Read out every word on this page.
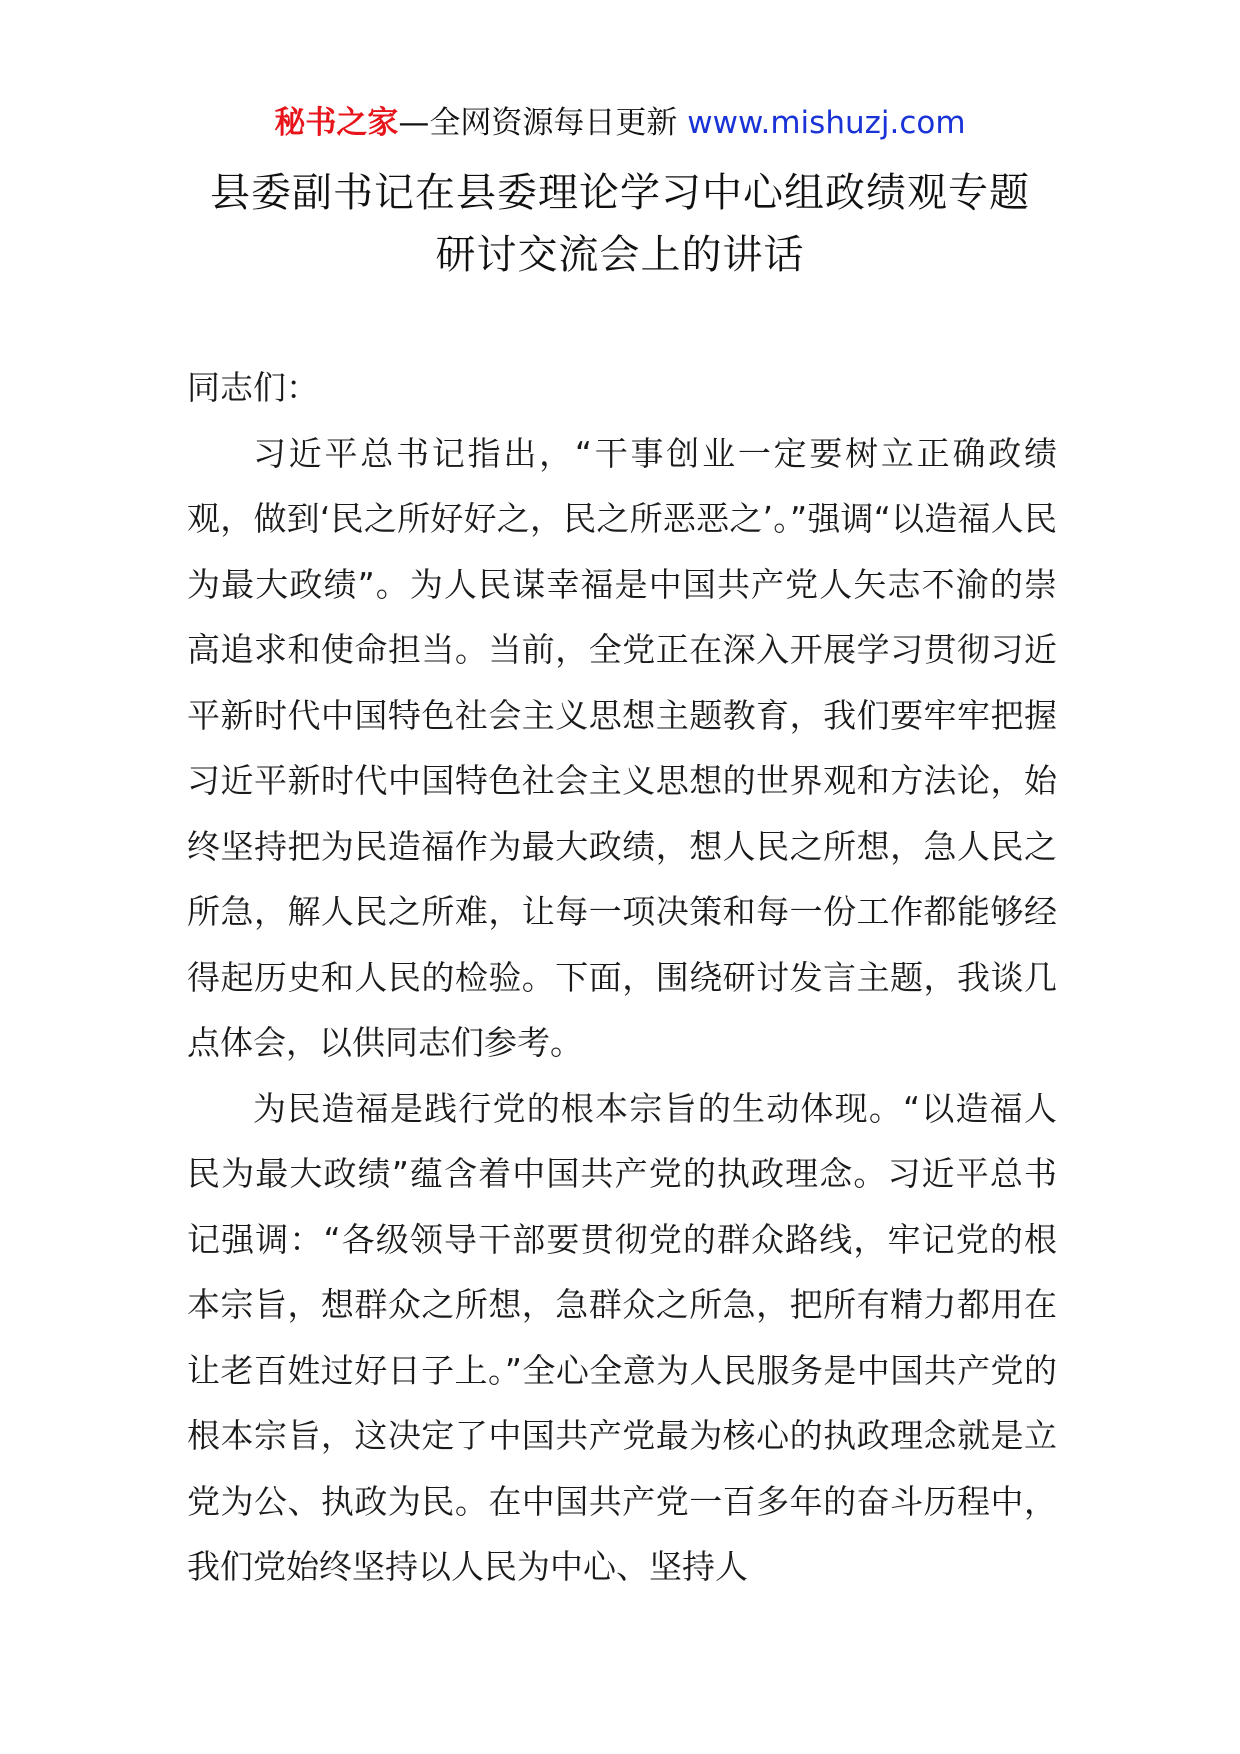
秘书之家—全网资源每日更新 www.mishuzj.com
县委副书记在县委理论学习中心组政绩观专题
研讨交流会上的讲话

同志们：

习近平总书记指出，“干事创业一定要树立正确政绩观，做到‘民之所好好之，民之所恶恶之’。”强调“以造福人民为最大政绩”。为人民谋幸福是中国共产党人矢志不渝的崇高追求和使命担当。当前，全党正在深入开展学习贯彻习近平新时代中国特色社会主义思想主题教育，我们要牢牢把握习近平新时代中国特色社会主义思想的世界观和方法论，始终坚持把为民造福作为最大政绩，想人民之所想，急人民之所急，解人民之所难，让每一项决策和每一份工作都能够经得起历史和人民的检验。下面，围绕研讨发言主题，我谈几点体会，以供同志们参考。

为民造福是践行党的根本宗旨的生动体现。“以造福人民为最大政绩”蕴含着中国共产党的执政理念。习近平总书记强调：“各级领导干部要贯彻党的群众路线，牢记党的根本宗旨，想群众之所想，急群众之所急，把所有精力都用在让老百姓过好日子上。”全心全意为人民服务是中国共产党的根本宗旨，这决定了中国共产党最为核心的执政理念就是立党为公、执政为民。在中国共产党一百多年的奋斗历程中，我们党始终坚持以人民为中心、坚持人
